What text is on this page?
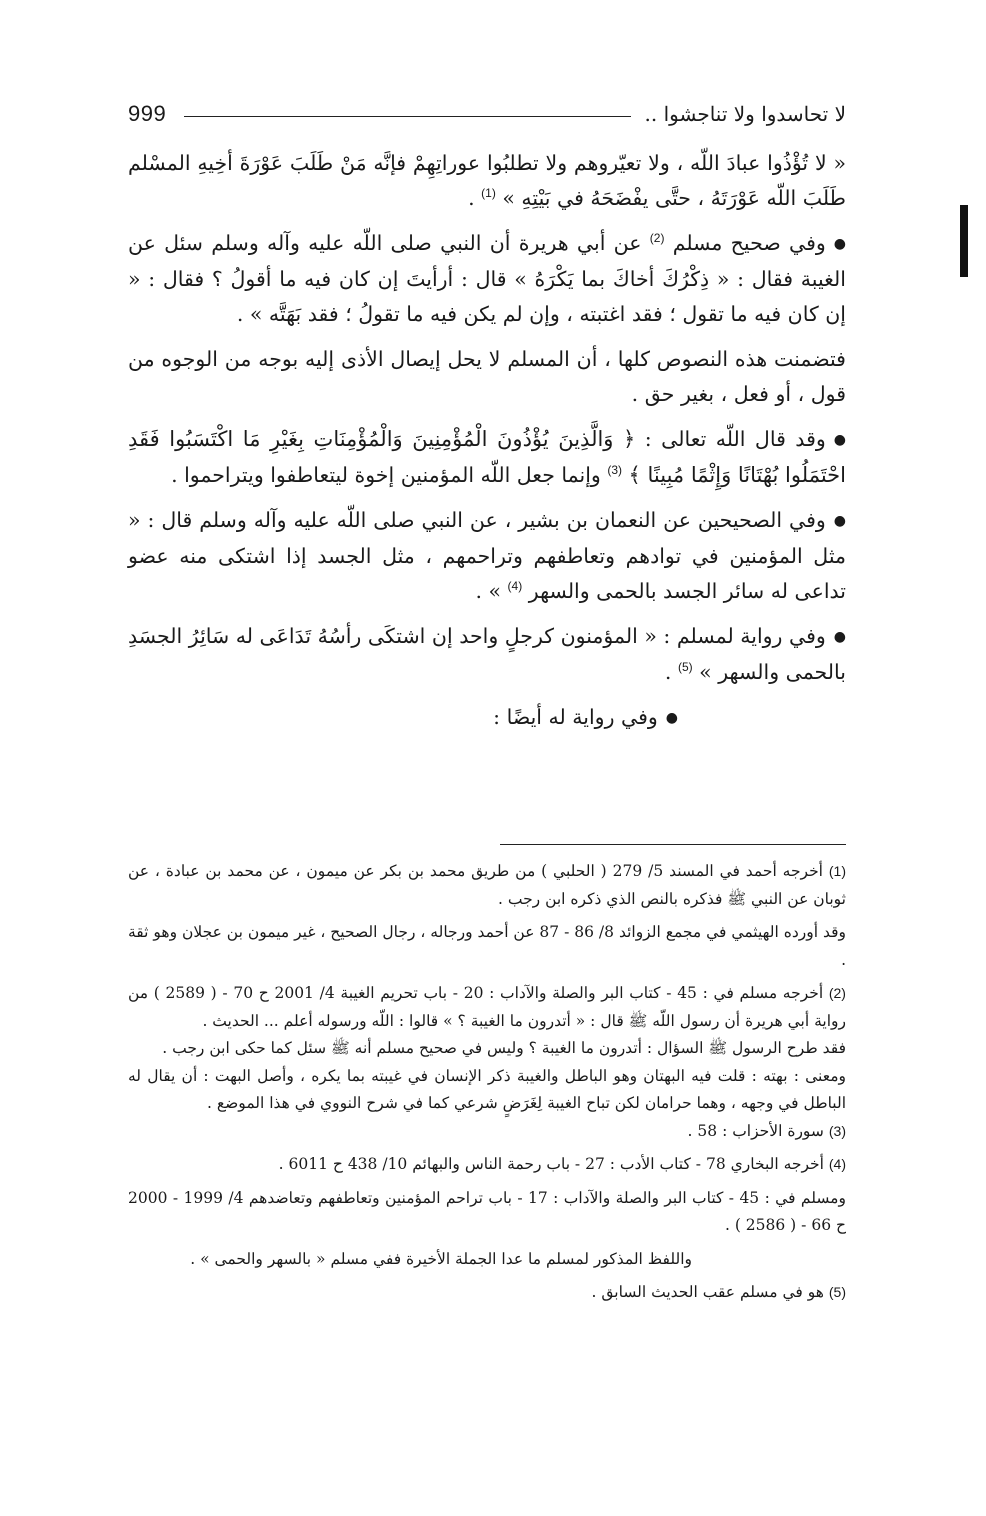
لا تحاسدوا ولا تناجشوا ..
999

« لا تُؤْذُوا عبادَ اللّه ، ولا تعيّروهم ولا تطلبُوا عوراتِهِمْ فإنَّه مَنْ طَلَبَ عَوْرَةَ أخِيهِ المسْلم طَلَبَ اللّه عَوْرَتَهُ ، حتَّى يفْضَحَهُ في بَيْتِهِ » $^{(1)}$ .

●وفي صحيح مسلم $^{(2)}$ عن أبي هريرة أن النبي صلى اللّه عليه وآله وسلم سئل عن الغيبة فقال : « ذِكْرُكَ أخاكَ بما يَكْرَهُ » قال : أرأيتَ إن كان فيه ما أقولُ ؟ فقال : « إن كان فيه ما تقول ؛ فقد اغتبته ، وإن لم يكن فيه ما تقولُ ؛ فقد بَهَتَّه » .

فتضمنت هذه النصوص كلها ، أن المسلم لا يحل إيصال الأذى إليه بوجه من الوجوه من قول ، أو فعل ، بغير حق .

●وقد قال اللّه تعالى : ﴿ وَالَّذِينَ يُؤْذُونَ الْمُؤْمِنِينَ وَالْمُؤْمِنَاتِ بِغَيْرِ مَا اكْتَسَبُوا فَقَدِ احْتَمَلُوا بُهْتَانًا وَإِثْمًا مُبِينًا ﴾ $^{(3)}$ وإنما جعل اللّه المؤمنين إخوة ليتعاطفوا ويتراحموا .

●وفي الصحيحين عن النعمان بن بشير ، عن النبي صلى اللّه عليه وآله وسلم قال : « مثل المؤمنين في توادهم وتعاطفهم وتراحمهم ، مثل الجسد إذا اشتكى منه عضو تداعى له سائر الجسد بالحمى والسهر $^{(4)}$ » .

●وفي رواية لمسلم : « المؤمنون كرجلٍ واحد إن اشتكَى رأسُهُ تَدَاعَى له سَائِرُ الجسَدِ بالحمى والسهر » $^{(5)}$ .

●وفي رواية له أيضًا :

(1) أخرجه أحمد في المسند 5/ 279 ( الحلبي ) من طريق محمد بن بكر عن ميمون ، عن محمد بن عبادة ، عن ثوبان عن النبي ﷺ فذكره بالنص الذي ذكره ابن رجب .

وقد أورده الهيثمي في مجمع الزوائد 8/ 86 - 87 عن أحمد ورجاله ، رجال الصحيح ، غير ميمون بن عجلان وهو ثقة .

(2) أخرجه مسلم في : 45 - كتاب البر والصلة والآداب : 20 - باب تحريم الغيبة 4/ 2001 ح 70 - ( 2589 ) من رواية أبي هريرة أن رسول اللّه ﷺ قال : « أتدرون ما الغيبة ؟ » قالوا : اللّه ورسوله أعلم ... الحديث .
فقد طرح الرسول ﷺ السؤال : أتدرون ما الغيبة ؟ وليس في صحيح مسلم أنه ﷺ سئل كما حكى ابن رجب .
ومعنى : بهته : قلت فيه البهتان وهو الباطل والغيبة ذكر الإنسان في غيبته بما يكره ، وأصل البهت : أن يقال له الباطل في وجهه ، وهما حرامان لكن تباح الغيبة لِغَرَضٍ شرعي كما في شرح النووي في هذا الموضع .
(3) سورة الأحزاب : 58 .

(4) أخرجه البخاري 78 - كتاب الأدب : 27 - باب رحمة الناس والبهائم 10/ 438 ح 6011 .

ومسلم في : 45 - كتاب البر والصلة والآداب : 17 - باب تراحم المؤمنين وتعاطفهم وتعاضدهم 4/ 1999 - 2000 ح 66 - ( 2586 ) .

واللفظ المذكور لمسلم ما عدا الجملة الأخيرة ففي مسلم « بالسهر والحمى » .

(5) هو في مسلم عقب الحديث السابق .
